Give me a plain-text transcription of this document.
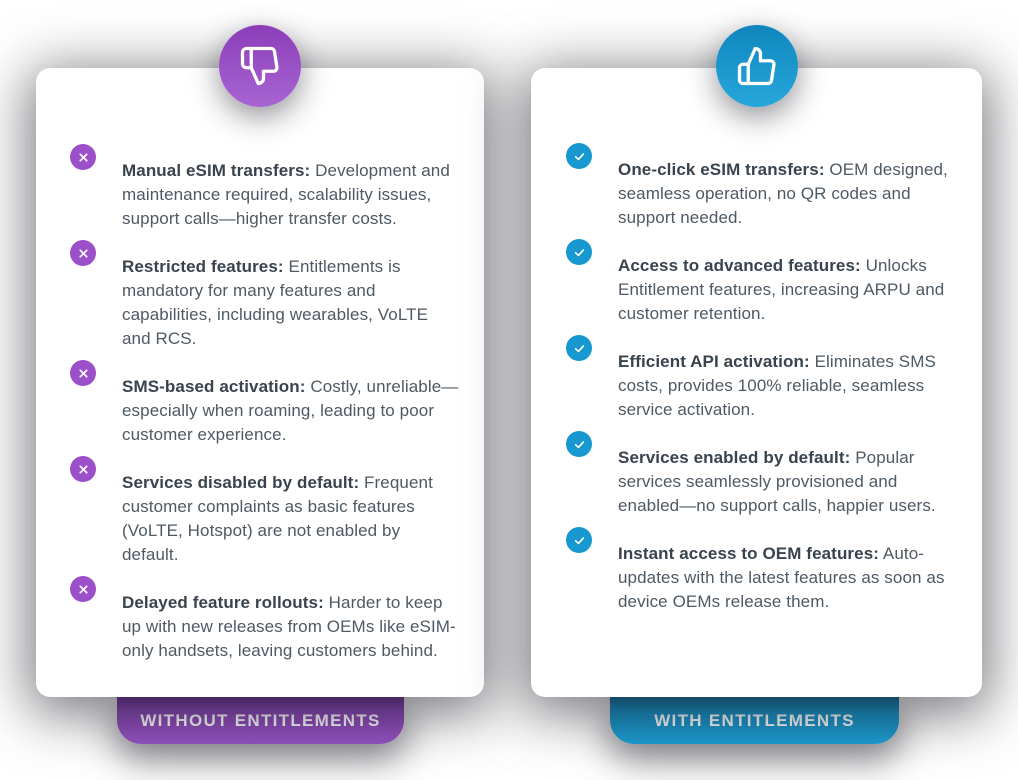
WITHOUT ENTITLEMENTS	WITH ENTITLEMENTS

Manual eSIM transfers: Development and maintenance required, scalability issues, support calls—higher transfer costs.

Restricted features: Entitlements is mandatory for many features and capabilities, including wearables, VoLTE and RCS.

SMS-based activation: Costly, unreliable—especially when roaming, leading to poor customer experience.

Services disabled by default: Frequent customer complaints as basic features (VoLTE, Hotspot) are not enabled by default.

Delayed feature rollouts: Harder to keep up with new releases from OEMs like eSIM-only handsets, leaving customers behind.

One-click eSIM transfers: OEM designed, seamless operation, no QR codes and support needed.

Access to advanced features: Unlocks Entitlement features, increasing ARPU and customer retention.

Efficient API activation: Eliminates SMS costs, provides 100% reliable, seamless service activation.

Services enabled by default: Popular services seamlessly provisioned and enabled—no support calls, happier users.

Instant access to OEM features: Auto-updates with the latest features as soon as device OEMs release them.
